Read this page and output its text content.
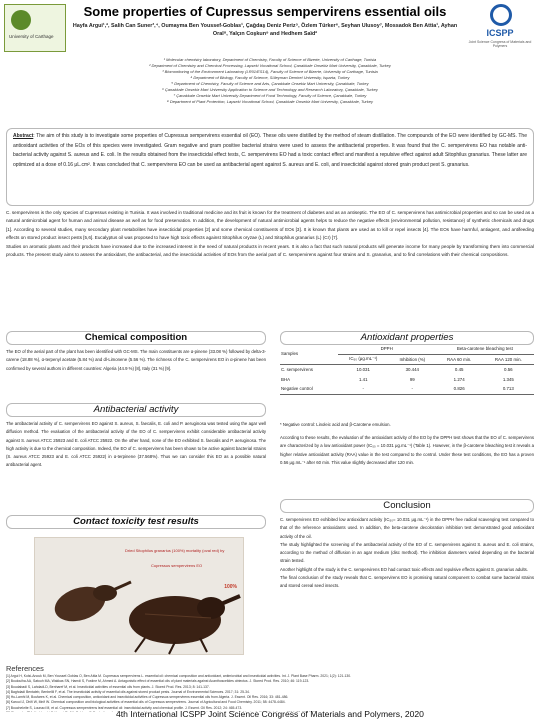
University of Carthage
Some properties of Cupressus sempervirens essential oils
Hayfa Argui¹,², Salih Can Suner³,⁴, Oumayma Ben Youssef-Goblas¹, Çağdaş Deniz Periz⁵, Özlem Türker⁶, Seyhan Ulusoy⁷, Mossadok Ben Attia¹, Ayhan Oral⁸, Yalçın Coşkun⁹ and Hedhem Saïd²
¹ Molecular chemistry laboratory, Department of Chemistry, Faculty of Science of Bizerte, University of Carthage, Tunisia
² Department of Chemistry and Chemical Processing, Lapseki Vocational School, Çanakkale Onsekiz Mart University, Çanakkale, Turkey
³ Biomonitoring of the Environment Laboratory (LR01/ES14), Faculty of Science of Bizerte, University of Carthage, Tunisia
⁴ Department of Biology, Faculty of Science, Süleyman Demirel University, Isparta, Turkey
⁵ Department of Chemistry, Faculty of Science and Arts, Çanakkale Onsekiz Mart University, Çanakkale, Turkey
⁶ Çanakkale Onsekiz Mart University Application to Science and Technology and Research Laboratory, Çanakkale, Turkey
⁷ Çanakkale Onsekiz Mart University Department of Food Technology, Faculty of Science, Çanakkale, Turkey
⁸ Department of Plant Protection, Lapseki Vocational School, Çanakkale Onsekiz Mart University, Çanakkale, Turkey
ICSPP
Joint Science Congress of Materials and Polymers
Abstract: The aim of this study is to investigate some properties of Cupressus sempervirens essential oil (EO). These oils were distilled by the method of steam distillation. The compounds of the EO were identified by GC-MS. The antioxidant activities of the EOs of this species were investigated. Gram negative and gram positive bacterial strains were used to assess the antibacterial properties. It was found that the C. sempervirens EO has notable anti-bacterial activity against S. aureus and E. coli. In the results obtained from the insecticidal effect tests, C. sempervirens EO had a toxic contact effect and manifest a repulsive effect against adult Sitophilus granarius. These latter are optimized at a dose of 0.16 μL.cm². It was concluded that C. sempervirens EO can be used as antibacterial agent against S. aureus and E. coli, and insecticidal against stored grain product pest S. granarius.

C. sempervirens is the only species of Cupressus existing in Tunisia. It was involved in traditional medicine and its fruit is known for the treatment of diabetes and as an antiseptic. The EO of C. sempervirens has antimicrobial properties and so can be used as a natural antimicrobial agent for human and animal disease as well as for food preservation. In addition, the development of natural antimicrobial agents helps to reduce the negative effects (environmental pollution, resistance) of synthetic chemicals and drugs [1]. According to several studies, many secondary plant metabolites have insecticidal properties [2] and some chemical constituents of EOs [3]. It is known that plants are used as to kill or repel insects [4]. The EOs have harmful, antiagent, and antifeeding effects on stored product insect pests [5,6]. Eucalyptus oil was proposed to have high toxic effects against Sitophilus oryzae (L) and Sitophilus granarius (L) (Cr) [7].

Studies on aromatic plants and their products have increased due to the increased interest in the need of natural products in recent years. It is also a fact that such natural products will generate income for many people by transforming them into commercial products. The present study aims to assess the antioxidant, the antibacterial, and the insecticidal activities of EOs from the aerial part of C. sempervirens against four strains and S. granarius, and to find correlations with their chemical compositions.

Chemical composition
The EO of the aerial part of the plant has been identified with GC-MS. The main constituents are α-pinene (33.08 %) followed by delta-3-carene (18.88 %), α-terpenyl acetate (5.84 %) and dl-Limonene (5.56 %). The richness of the C. sempervirens EO in α-pinene has been confirmed by several authors in different countries: Algeria (44.9 %) [8], Italy (31 %) [9].
Antibacterial activity
The antibacterial activity of C. sempervirens EO against S. aureus, S. faecalis, E. coli and P. aeruginosa was tested using the agar well diffusion method. The evaluation of the antibacterial activity of the EO of C. sempervirens exhibit considerable antibacterial activity against S. aureus ATCC 25923 and E. coli ATCC 25922. On the other hand, none of the EO exhibited S. faecalis and P. aeruginosa. The high activity is due to the chemical composition. Indeed, the EO of C. sempervirens has been shown to be active against bacterial strains (S. aureus ATCC 25923 and E. coli ATCC 25922) in α-terpinene (37.568%). Thus we can consider this EO as a possible natural antibacterial agent.
Contact toxicity test results
Dried Sitophilus granarius (100%) mortality (oval red) by
Cupressus sempervirens EO
100%
Antioxidant properties
Samples	DPPH		Beta-carotene bleaching test	
	IC₅₀ (μg.mL⁻¹)	Inhibition (%)	RAA 60 min.	RAA 120 min.
C. sempervirens	10.031	30.444	0.45	0.56
BHA	1.41	99	1.274	1.345
Negative control	-	-	0.826	0.713
* Negative control: Linoleic acid and β-Carotene emulsion.
According to these results, the evaluation of the antioxidant activity of the EO by the DPPH test shows that the EO of C. sempervirens are characterized by a low antioxidant power (IC₅₀ = 10.031 μg.mL⁻¹) (Table 1). However, in the β-carotene bleaching test it reveals a higher relative antioxidant activity (RAA) value in the test compared to the control. Under these test conditions, the EO has a proven 0.56 μg.mL⁻¹ after 60 min. This value slightly decreased after 120 min.
Conclusion

C. sempervirens EO exhibited low antioxidant activity (IC₅₀= 10.031 μg.mL⁻¹) in the DPPH free radical scavenging test compared to that of the reference antioxidants used. In addition, the beta-carotene decoloration inhibition test demonstrated good antioxidant activity of the oil.

The study highlighted the screening of the antibacterial activity of the EO of C. sempervirens against S. aureus and E. coli strains, according to the method of diffusion in an agar medium (disc method). The inhibition diameters varied depending on the bacterial strain tested.

Another highlight of the study is the C. sempervirens EO had contact toxic effects and repulsive effects against S. granarius adults.

The final conclusion of the study reveals that C. sempervirens EO is promising natural component to combat some bacterial strains and stored cereal seed insects.

References
[1] Argui H, Kolsi-Anouk M, Ben Youssef-Goblas O, Ben Attia M. Cupressus sempervirens L. essential oil: chemical composition and antioxidant, antimicrobial and insecticidal activities. Int. J. Plant Base Pharm. 2021; 1(2): 121-130.
[2] Boulouiha AA, Satouh MA, Wakkas SN, Hamdi S, Fostine M, Ahmed A. Antagonistic effect of essential oils of plant materials against Acanthoscelides obtectus. J. Stored Prod. Res. 2010; 46: 119-123.
[3] Boudabadi S, Lahdadi-D, Benharef M, et al. Insecticidal activities of essential oils from plants. J. Stored Prod. Res. 2013; 8: 141-137.
[4] Baghdadi Bentaleb, Benbellil F, et al. The insecticidal activity of essential oils against stored product pests. Journal of Environmental Sciences. 2017; 31: 25-34.
[5] Hu-Lamhi M, Boufares K, et al. Chemical composition, antioxidant and insecticidal activities of Cupressus sempervirens essential oils from Algeria. J. Essent. Oil Res. 2016; 33: 481-486.
[6] Karoui IJ, Dhifi W, Mnif W. Chemical composition and biological activities of essential oils of Cupressus sempervirens. Journal of Agricultural and Food Chemistry. 2011; 58: 4478-4484.
[7] Bouchekrite S, Lounaci M, et al. Cupressus sempervirens leaf essential oil: insecticidal activity and chemical profile. J. Essent. Oil Res. 2012; 24: 465-473.
4th International ICSPP Joint Science Congress of Materials and Polymers, 2020
